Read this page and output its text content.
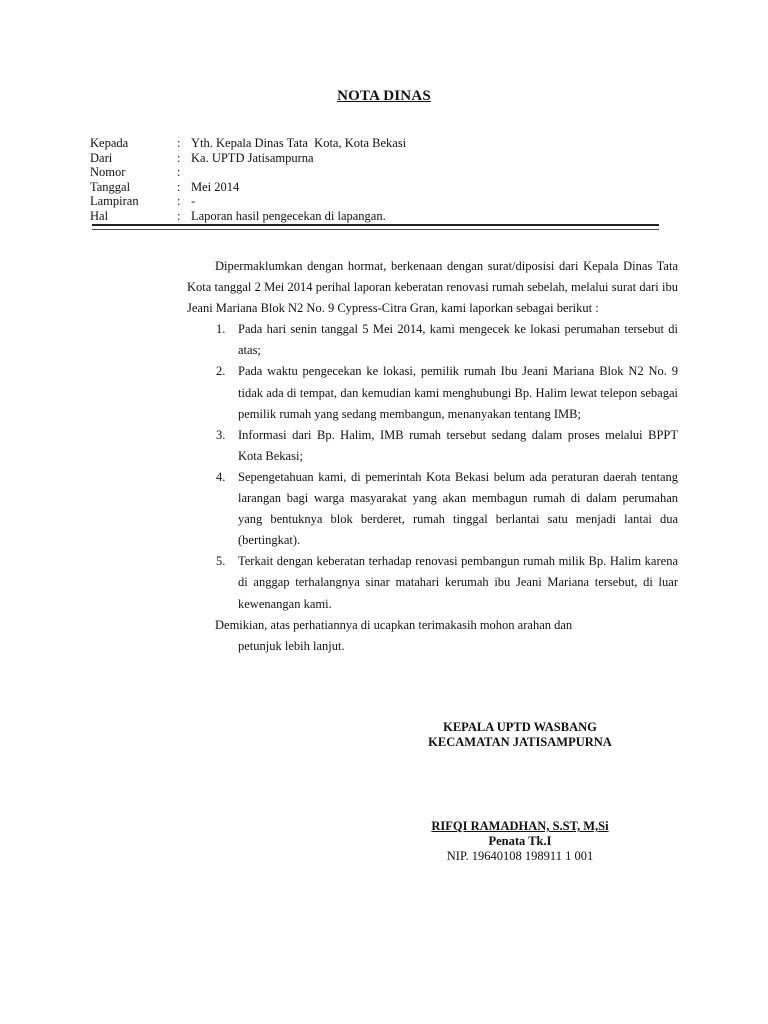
NOTA DINAS
Kepada	: Yth. Kepala Dinas Tata  Kota, Kota Bekasi
Dari	: Ka. UPTD Jatisampurna
Nomor	:
Tanggal	: Mei 2014
Lampiran	: -
Hal	: Laporan hasil pengecekan di lapangan.

Dipermaklumkan dengan hormat, berkenaan dengan surat/diposisi dari Kepala Dinas Tata Kota tanggal 2 Mei 2014 perihal laporan keberatan renovasi rumah sebelah, melalui surat dari ibu Jeani Mariana Blok N2 No. 9 Cypress-Citra Gran, kami laporkan sebagai berikut :

1.	Pada hari senin tanggal 5 Mei 2014, kami mengecek ke lokasi perumahan tersebut di atas;
2.	Pada waktu pengecekan ke lokasi, pemilik rumah Ibu Jeani Mariana Blok N2 No. 9 tidak ada di tempat, dan kemudian kami menghubungi Bp. Halim lewat telepon sebagai pemilik rumah yang sedang membangun, menanyakan tentang IMB;
3.	Informasi dari Bp. Halim, IMB rumah tersebut sedang dalam proses melalui BPPT Kota Bekasi;
4.	Sepengetahuan kami, di pemerintah Kota Bekasi belum ada peraturan daerah tentang larangan bagi warga masyarakat yang akan membagun rumah di dalam perumahan yang bentuknya blok berderet, rumah tinggal berlantai satu menjadi lantai dua (bertingkat).
5.	Terkait dengan keberatan terhadap renovasi pembangun rumah milik Bp. Halim karena di anggap terhalangnya sinar matahari kerumah ibu Jeani Mariana tersebut, di luar kewenangan kami.

Demikian, atas perhatiannya di ucapkan terimakasih mohon arahan dan

petunjuk lebih lanjut.

KEPALA UPTD WASBANG
KECAMATAN JATISAMPURNA
RIFQI RAMADHAN, S.ST, M,Si
Penata Tk.I
NIP. 19640108 198911 1 001
